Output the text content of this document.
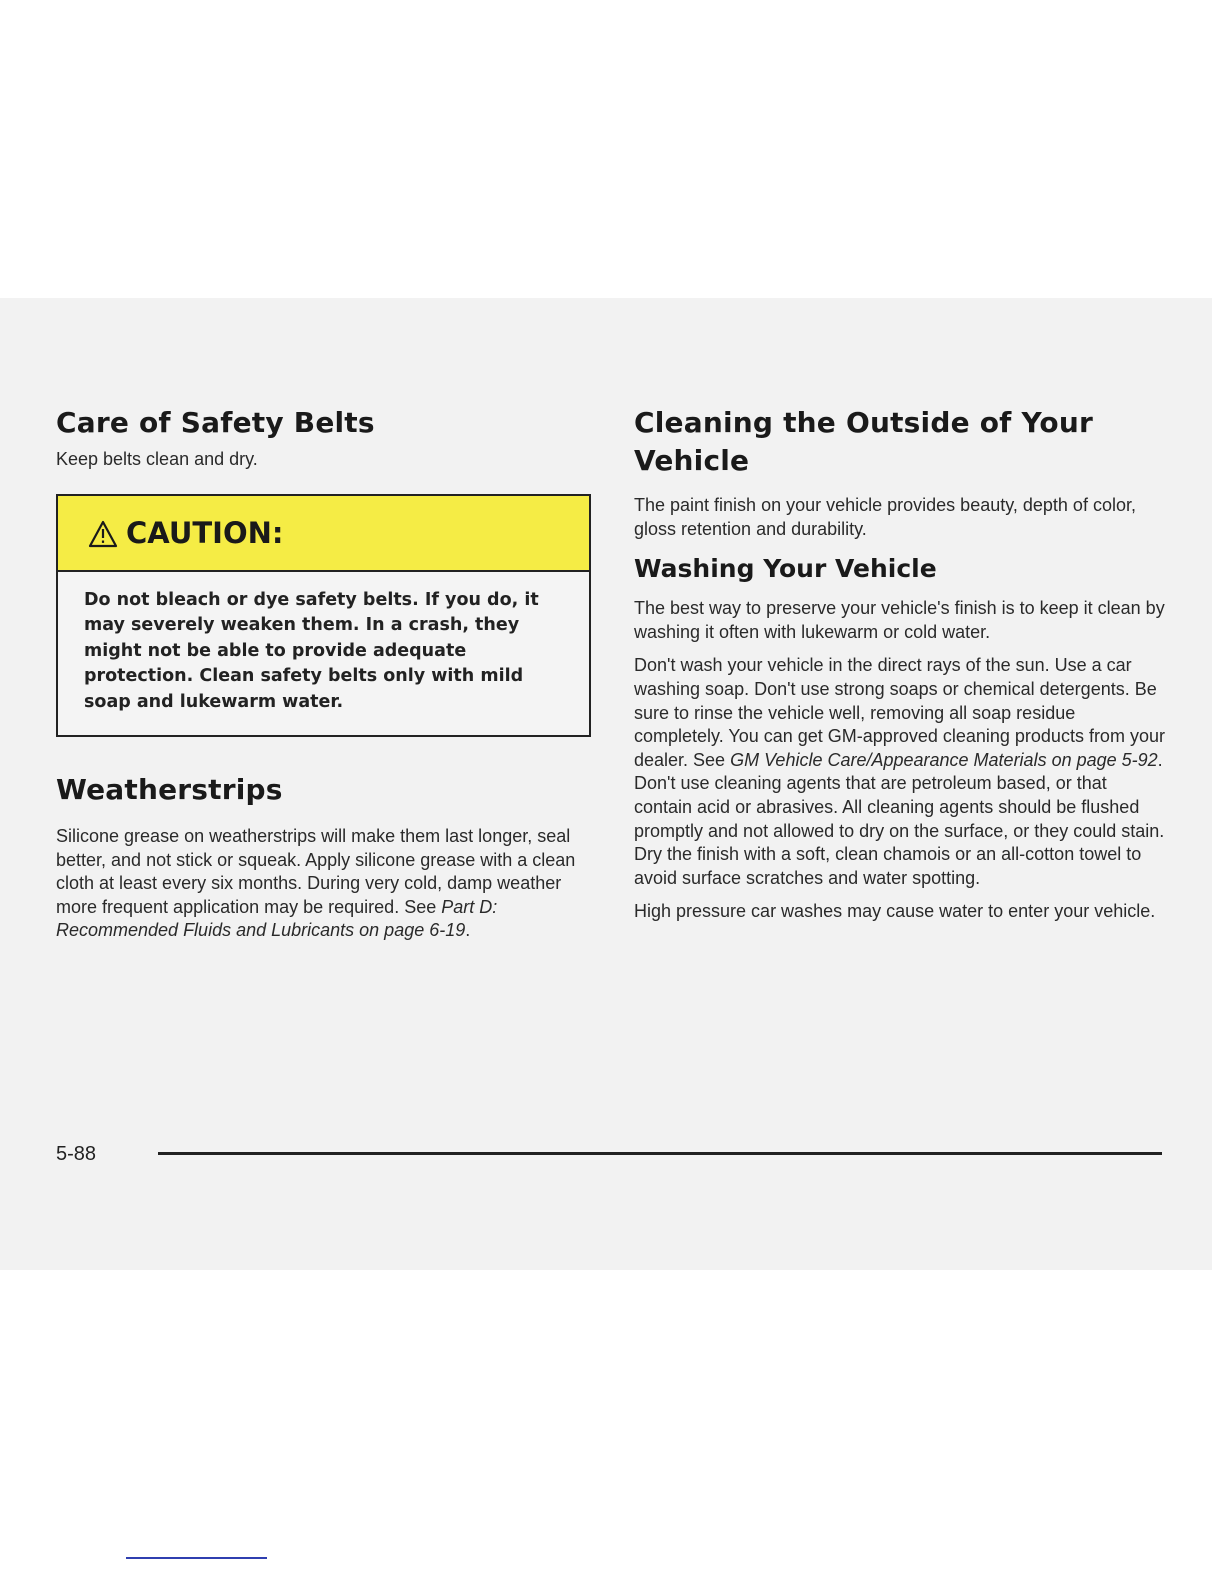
Care of Safety Belts

Keep belts clean and dry.

CAUTION:
Do not bleach or dye safety belts. If you do, it may severely weaken them. In a crash, they might not be able to provide adequate protection. Clean safety belts only with mild soap and lukewarm water.
Weatherstrips

Silicone grease on weatherstrips will make them last longer, seal better, and not stick or squeak. Apply silicone grease with a clean cloth at least every six months. During very cold, damp weather more frequent application may be required. See Part D: Recommended Fluids and Lubricants on page 6-19.

Cleaning the Outside of Your Vehicle

The paint finish on your vehicle provides beauty, depth of color, gloss retention and durability.

Washing Your Vehicle

The best way to preserve your vehicle's finish is to keep it clean by washing it often with lukewarm or cold water.

Don't wash your vehicle in the direct rays of the sun. Use a car washing soap. Don't use strong soaps or chemical detergents. Be sure to rinse the vehicle well, removing all soap residue completely. You can get GM-approved cleaning products from your dealer. See GM Vehicle Care/Appearance Materials on page 5-92. Don't use cleaning agents that are petroleum based, or that contain acid or abrasives. All cleaning agents should be flushed promptly and not allowed to dry on the surface, or they could stain. Dry the finish with a soft, clean chamois or an all-cotton towel to avoid surface scratches and water spotting.

High pressure car washes may cause water to enter your vehicle.

5-88
